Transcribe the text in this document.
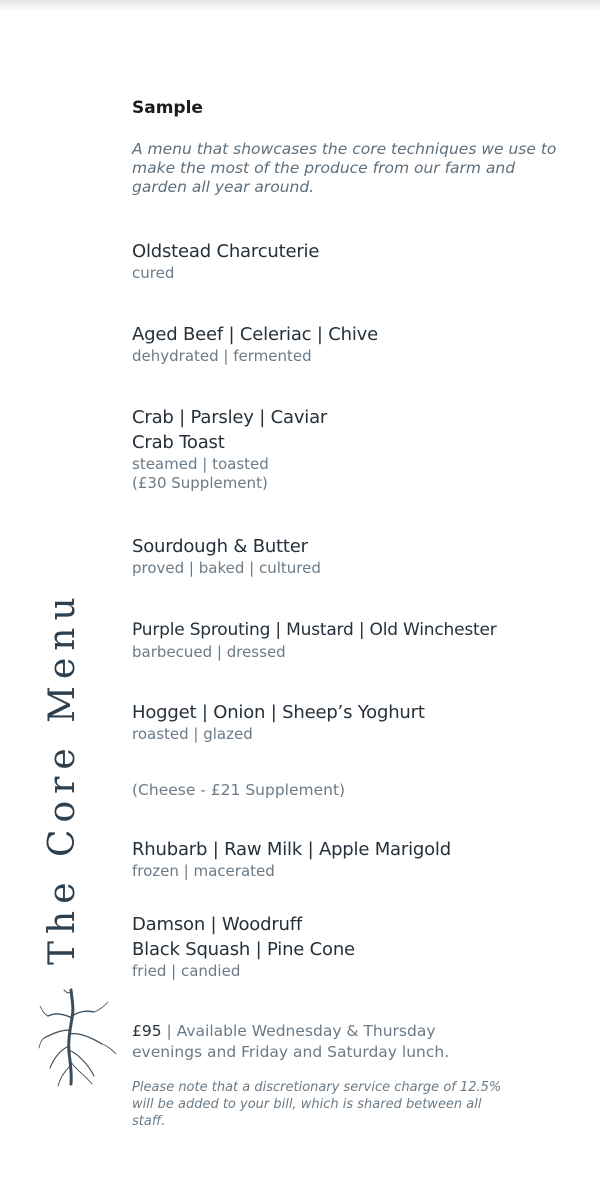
The Core Menu
Sample
A menu that showcases the core techniques we use to make the most of the produce from our farm and garden all year around.
Oldstead Charcuterie
cured
Aged Beef | Celeriac | Chive
dehydrated | fermented
Crab | Parsley | Caviar
Crab Toast
steamed | toasted
(£30 Supplement)
Sourdough & Butter
proved | baked | cultured
Purple Sprouting | Mustard | Old Winchester
barbecued | dressed
Hogget | Onion | Sheep’s Yoghurt
roasted | glazed
(Cheese - £21 Supplement)
Rhubarb | Raw Milk | Apple Marigold
frozen | macerated
Damson | Woodruff
Black Squash | Pine Cone
fried | candied
£95 | Available Wednesday & Thursday evenings and Friday and Saturday lunch.
Please note that a discretionary service charge of 12.5% will be added to your bill, which is shared between all staff.
